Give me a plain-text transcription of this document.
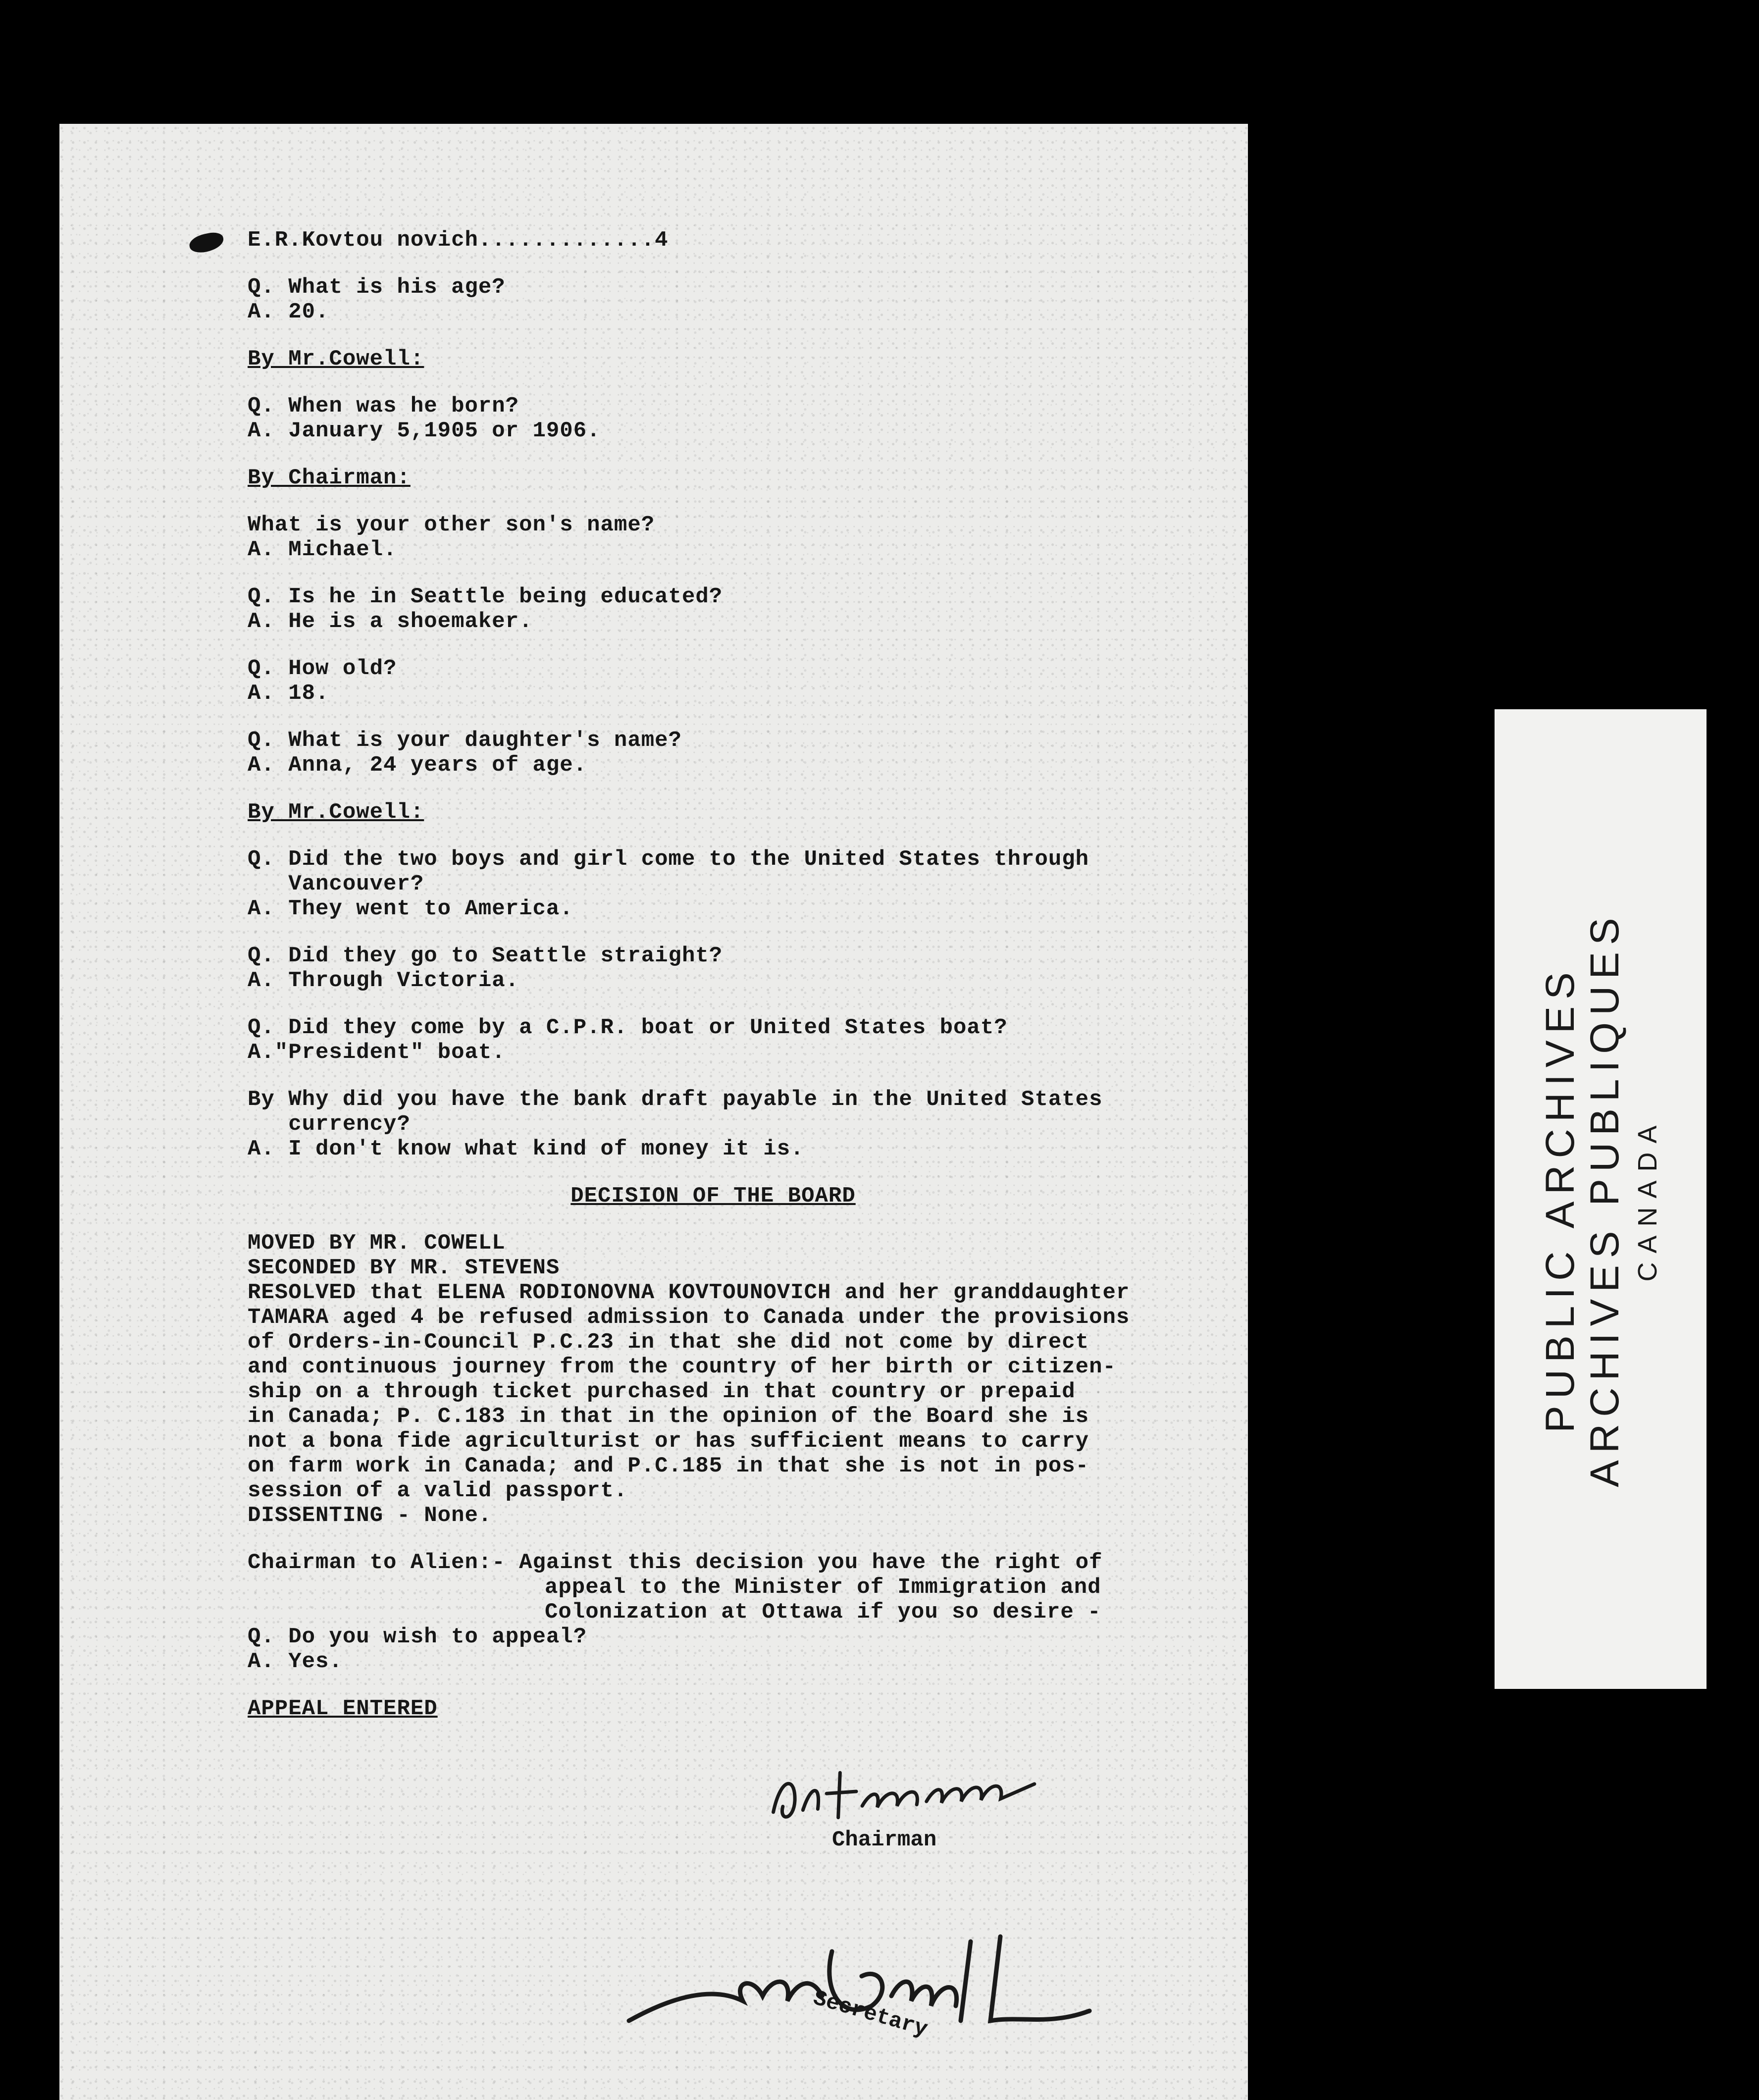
E.R.Kovtou novich.............4
Q. What is his age?
A. 20.
By Mr.Cowell:
Q. When was he born?
A. January 5,1905 or 1906.
By Chairman:
What is your other son's name?
A. Michael.
Q. Is he in Seattle being educated?
A. He is a shoemaker.
Q. How old?
A. 18.
Q. What is your daughter's name?
A. Anna, 24 years of age.
By Mr.Cowell:
Q. Did the two boys and girl come to the United States through
Vancouver?
A. They went to America.
Q. Did they go to Seattle straight?
A. Through Victoria.
Q. Did they come by a C.P.R. boat or United States boat?
A."President" boat.
By Why did you have the bank draft payable in the United States
currency?
A. I don't know what kind of money it is.
DECISION OF THE BOARD
MOVED BY MR. COWELL
SECONDED BY MR. STEVENS
RESOLVED that ELENA RODIONOVNA KOVTOUNOVICH and her granddaughter
TAMARA aged 4 be refused admission to Canada under the provisions
of Orders-in-Council P.C.23 in that she did not come by direct
and continuous journey from the country of her birth or citizen-
ship on a through ticket purchased in that country or prepaid
in Canada; P. C.183 in that in the opinion of the Board she is
not a bona fide agriculturist or has sufficient means to carry
on farm work in Canada; and P.C.185 in that she is not in pos-
session of a valid passport.
DISSENTING - None.
Chairman to Alien:- Against this decision you have the right of
appeal to the Minister of Immigration and
Colonization at Ottawa if you so desire -
Q. Do you wish to appeal?
A. Yes.
APPEAL ENTERED
Chairman
Secretary
PUBLIC ARCHIVES ARCHIVES PUBLIQUES CANADA
